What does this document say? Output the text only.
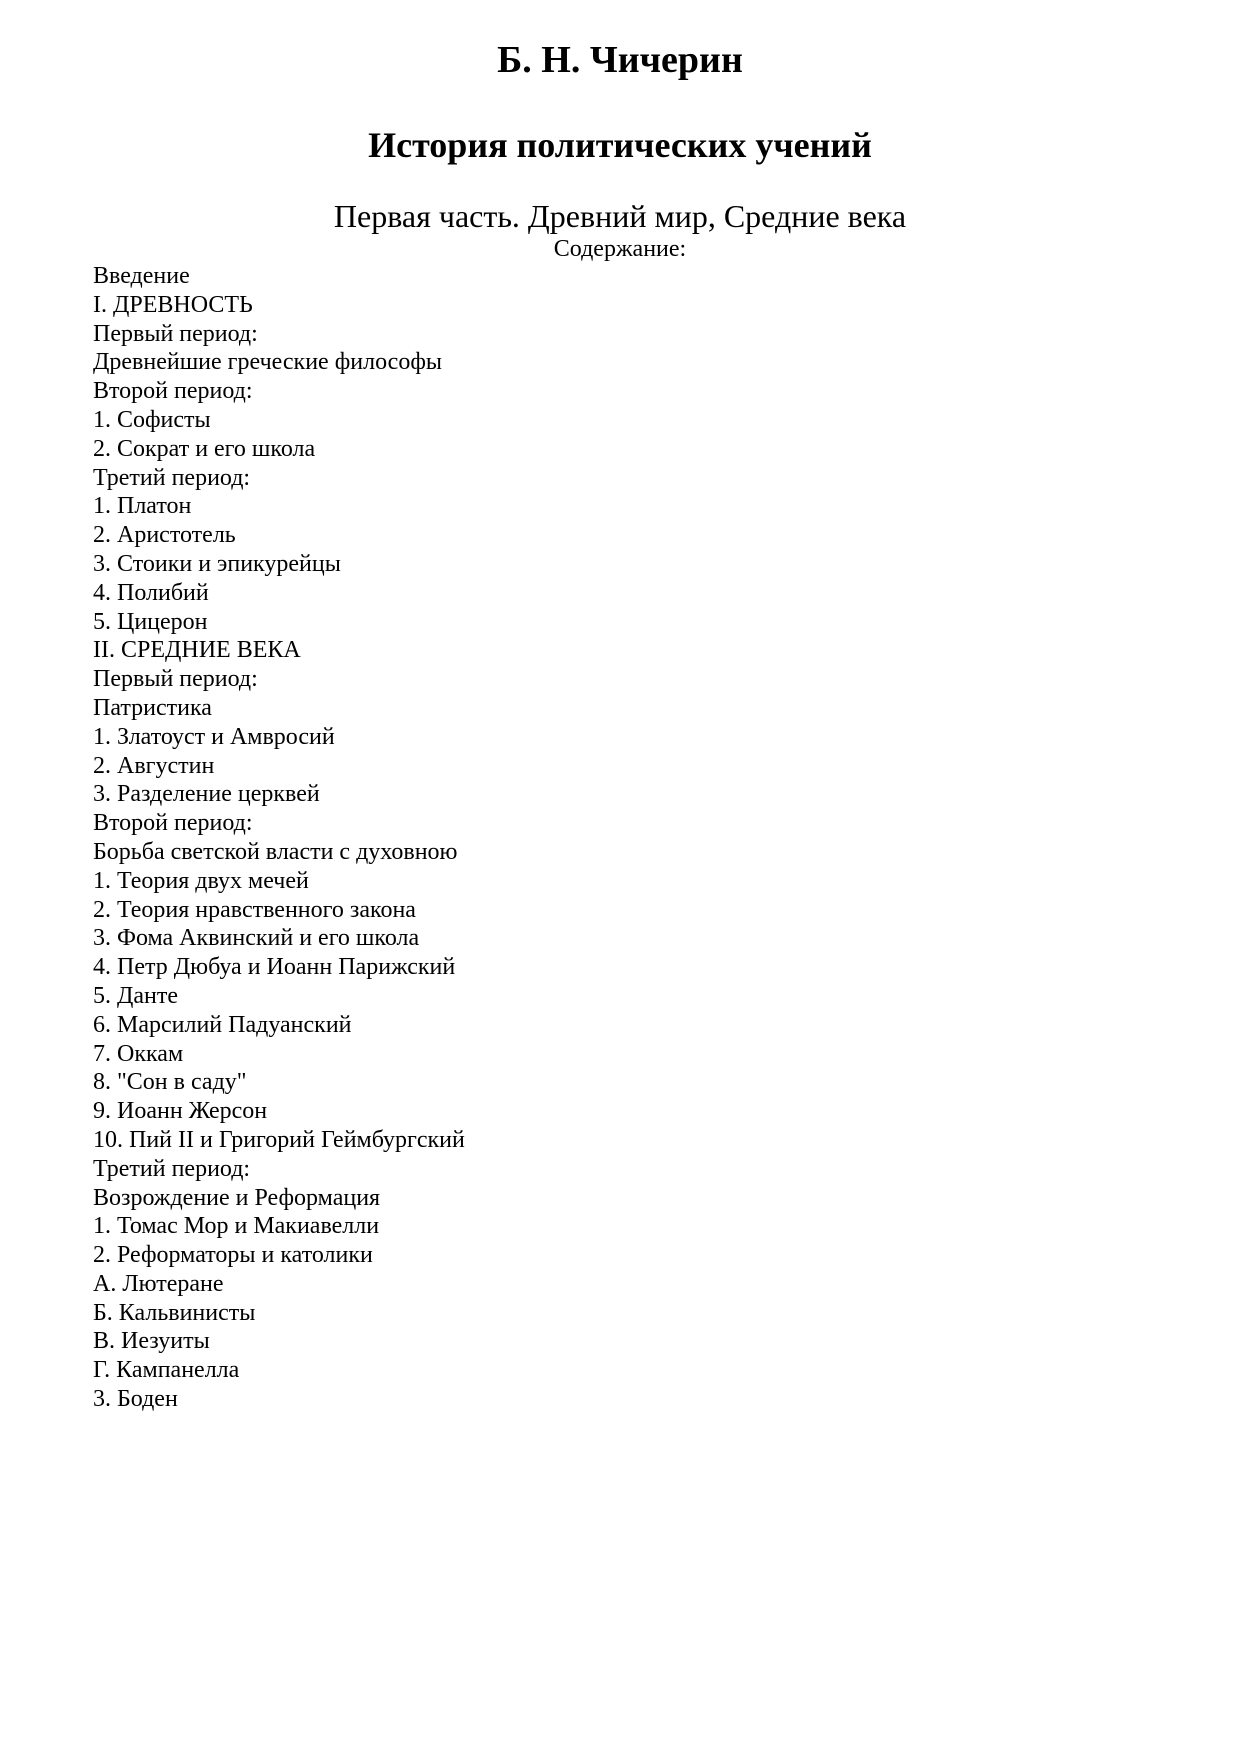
Б. Н. Чичерин
История политических учений
Первая часть. Древний мир, Средние века
Содержание:
Введение
I. ДРЕВНОСТЬ
Первый период:
Древнейшие греческие философы
Второй период:
1. Софисты
2. Сократ и его школа
Третий период:
1. Платон
2. Аристотель
3. Стоики и эпикурейцы
4. Полибий
5. Цицерон
II. СРЕДНИЕ ВЕКА
Первый период:
Патристика
1. Златоуст и Амвросий
2. Августин
3. Разделение церквей
Второй период:
Борьба светской власти с духовною
1. Теория двух мечей
2. Теория нравственного закона
3. Фома Аквинский и его школа
4. Петр Дюбуа и Иоанн Парижский
5. Данте
6. Марсилий Падуанский
7. Оккам
8. "Сон в саду"
9. Иоанн Жерсон
10. Пий II и Григорий Геймбургский
Третий период:
Возрождение и Реформация
1. Томас Мор и Макиавелли
2. Реформаторы и католики
А. Лютеране
Б. Кальвинисты
В. Иезуиты
Г. Кампанелла
3. Боден
